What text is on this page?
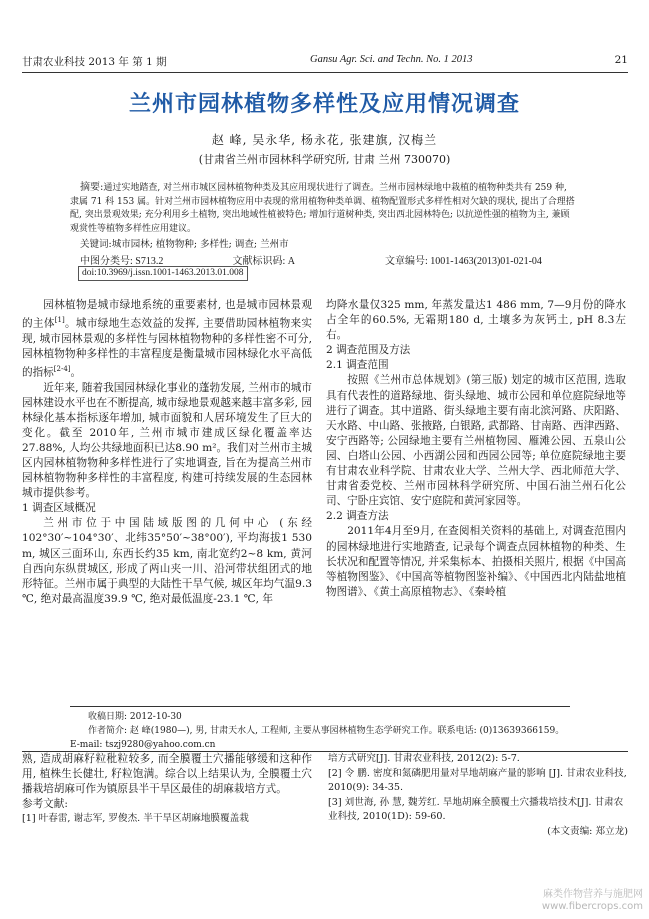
甘肃农业科技 2013 年 第 1 期	Gansu Agr. Sci. and Techn. No. 1 2013	21
兰州市园林植物多样性及应用情况调查
赵 峰, 吴永华, 杨永花, 张建旗, 汉梅兰
(甘肃省兰州市园林科学研究所, 甘肃 兰州 730070)
摘要:通过实地踏查, 对兰州市城区园林植物种类及其应用现状进行了调查。兰州市园林绿地中栽植的植物种类共有 259 种, 隶属 71 科 153 属。针对兰州市园林植物应用中表现的常用植物种类单调、植物配置形式多样性相对欠缺的现状, 提出了合理搭配, 突出景观效果; 充分利用乡土植物, 突出地域性植被特色; 增加行道树种类, 突出西北园林特色; 以抗逆性强的植物为主, 兼顾观赏性等植物多样性应用建议。
关键词:城市园林; 植物物种; 多样性; 调查; 兰州市
中图分类号: S713.2	文献标识码: A	文章编号: 1001-1463(2013)01-021-04
doi:10.3969/j.issn.1001-1463.2013.01.008

园林植物是城市绿地系统的重要素材, 也是城市园林景观的主体[1]。城市绿地生态效益的发挥, 主要借助园林植物来实现, 城市园林景观的多样性与园林植物物种的多样性密不可分, 园林植物物种多样性的丰富程度是衡量城市园林绿化水平高低的指标[2-4]。

近年来, 随着我国园林绿化事业的蓬勃发展, 兰州市的城市园林建设水平也在不断提高, 城市绿地景观越来越丰富多彩, 园林绿化基本指标逐年增加, 城市面貌和人居环境发生了巨大的变化。截至 2010年, 兰州市城市建成区绿化覆盖率达27.88%, 人均公共绿地面积已达8.90 m²。我们对兰州市主城区内园林植物物种多样性进行了实地调查, 旨在为提高兰州市园林植物物种多样性的丰富程度, 构建可持续发展的生态园林城市提供参考。

1 调查区域概况

兰州市位于中国陆域版图的几何中心 (东经 102°30′~104°30′、北纬35°50′~38°00′), 平均海拔1 530 m, 城区三面环山, 东西长约35 km, 南北宽约2~8 km, 黄河自西向东纵贯城区, 形成了两山夹一川、沿河带状组团式的地形特征。兰州市属于典型的大陆性干旱气候, 城区年均气温9.3 ℃, 绝对最高温度39.9 ℃, 绝对最低温度-23.1 ℃, 年

均降水量仅325 mm, 年蒸发量达1 486 mm, 7—9月份的降水占全年的60.5%, 无霜期180 d, 土壤多为灰钙土, pH 8.3左右。

2 调查范围及方法

2.1 调查范围

按照《兰州市总体规划》(第三版) 划定的城市区范围, 选取具有代表性的道路绿地、街头绿地、城市公园和单位庭院绿地等进行了调查。其中道路、街头绿地主要有南北滨河路、庆阳路、天水路、中山路、张掖路, 白银路, 武都路、甘南路、西津西路、安宁西路等; 公园绿地主要有兰州植物园、雁滩公园、五泉山公园、白塔山公园、小西湖公园和西园公园等; 单位庭院绿地主要有甘肃农业科学院、甘肃农业大学、兰州大学、西北师范大学、甘肃省委党校、兰州市园林科学研究所、中国石油兰州石化公司、宁卧庄宾馆、安宁庭院和黄河家园等。

2.2 调查方法

2011年4月至9月, 在查阅相关资料的基础上, 对调查范围内的园林绿地进行实地踏查, 记录每个调查点园林植物的种类、生长状况和配置等情况, 并采集标本、拍摄相关照片, 根据《中国高等植物图鉴》、《中国高等植物图鉴补编》、《中国西北内陆盐地植物图谱》、《黄土高原植物志》、《秦岭植

收稿日期: 2012-10-30

作者简介: 赵 峰(1980—), 男, 甘肃天水人, 工程师, 主要从事园林植物生态学研究工作。联系电话: (0)13639366159。

E-mail: tszj9280@yahoo.com.cn

熟, 造成胡麻籽粒秕粒较多, 而全膜覆土穴播能够缓和这种作用, 植株生长健壮, 籽粒饱满。综合以上结果认为, 全膜覆土穴播栽培胡麻可作为镇原县半干旱区最佳的胡麻栽培方式。

参考文献:

[1] 叶春雷, 谢志军, 罗俊杰. 半干旱区胡麻地膜覆盖栽

培方式研究[J]. 甘肃农业科技, 2012(2): 5-7.

[2] 令 鹏. 密度和氮磷肥用量对旱地胡麻产量的影响 [J]. 甘肃农业科技, 2010(9): 34-35.

[3] 刘世海, 孙 慧, 魏芳红. 旱地胡麻全膜覆土穴播栽培技术[J]. 甘肃农业科技, 2010(1D): 59-60.

(本文责编: 郑立龙)

麻类作物营养与施肥网
www.fibercrops.com
